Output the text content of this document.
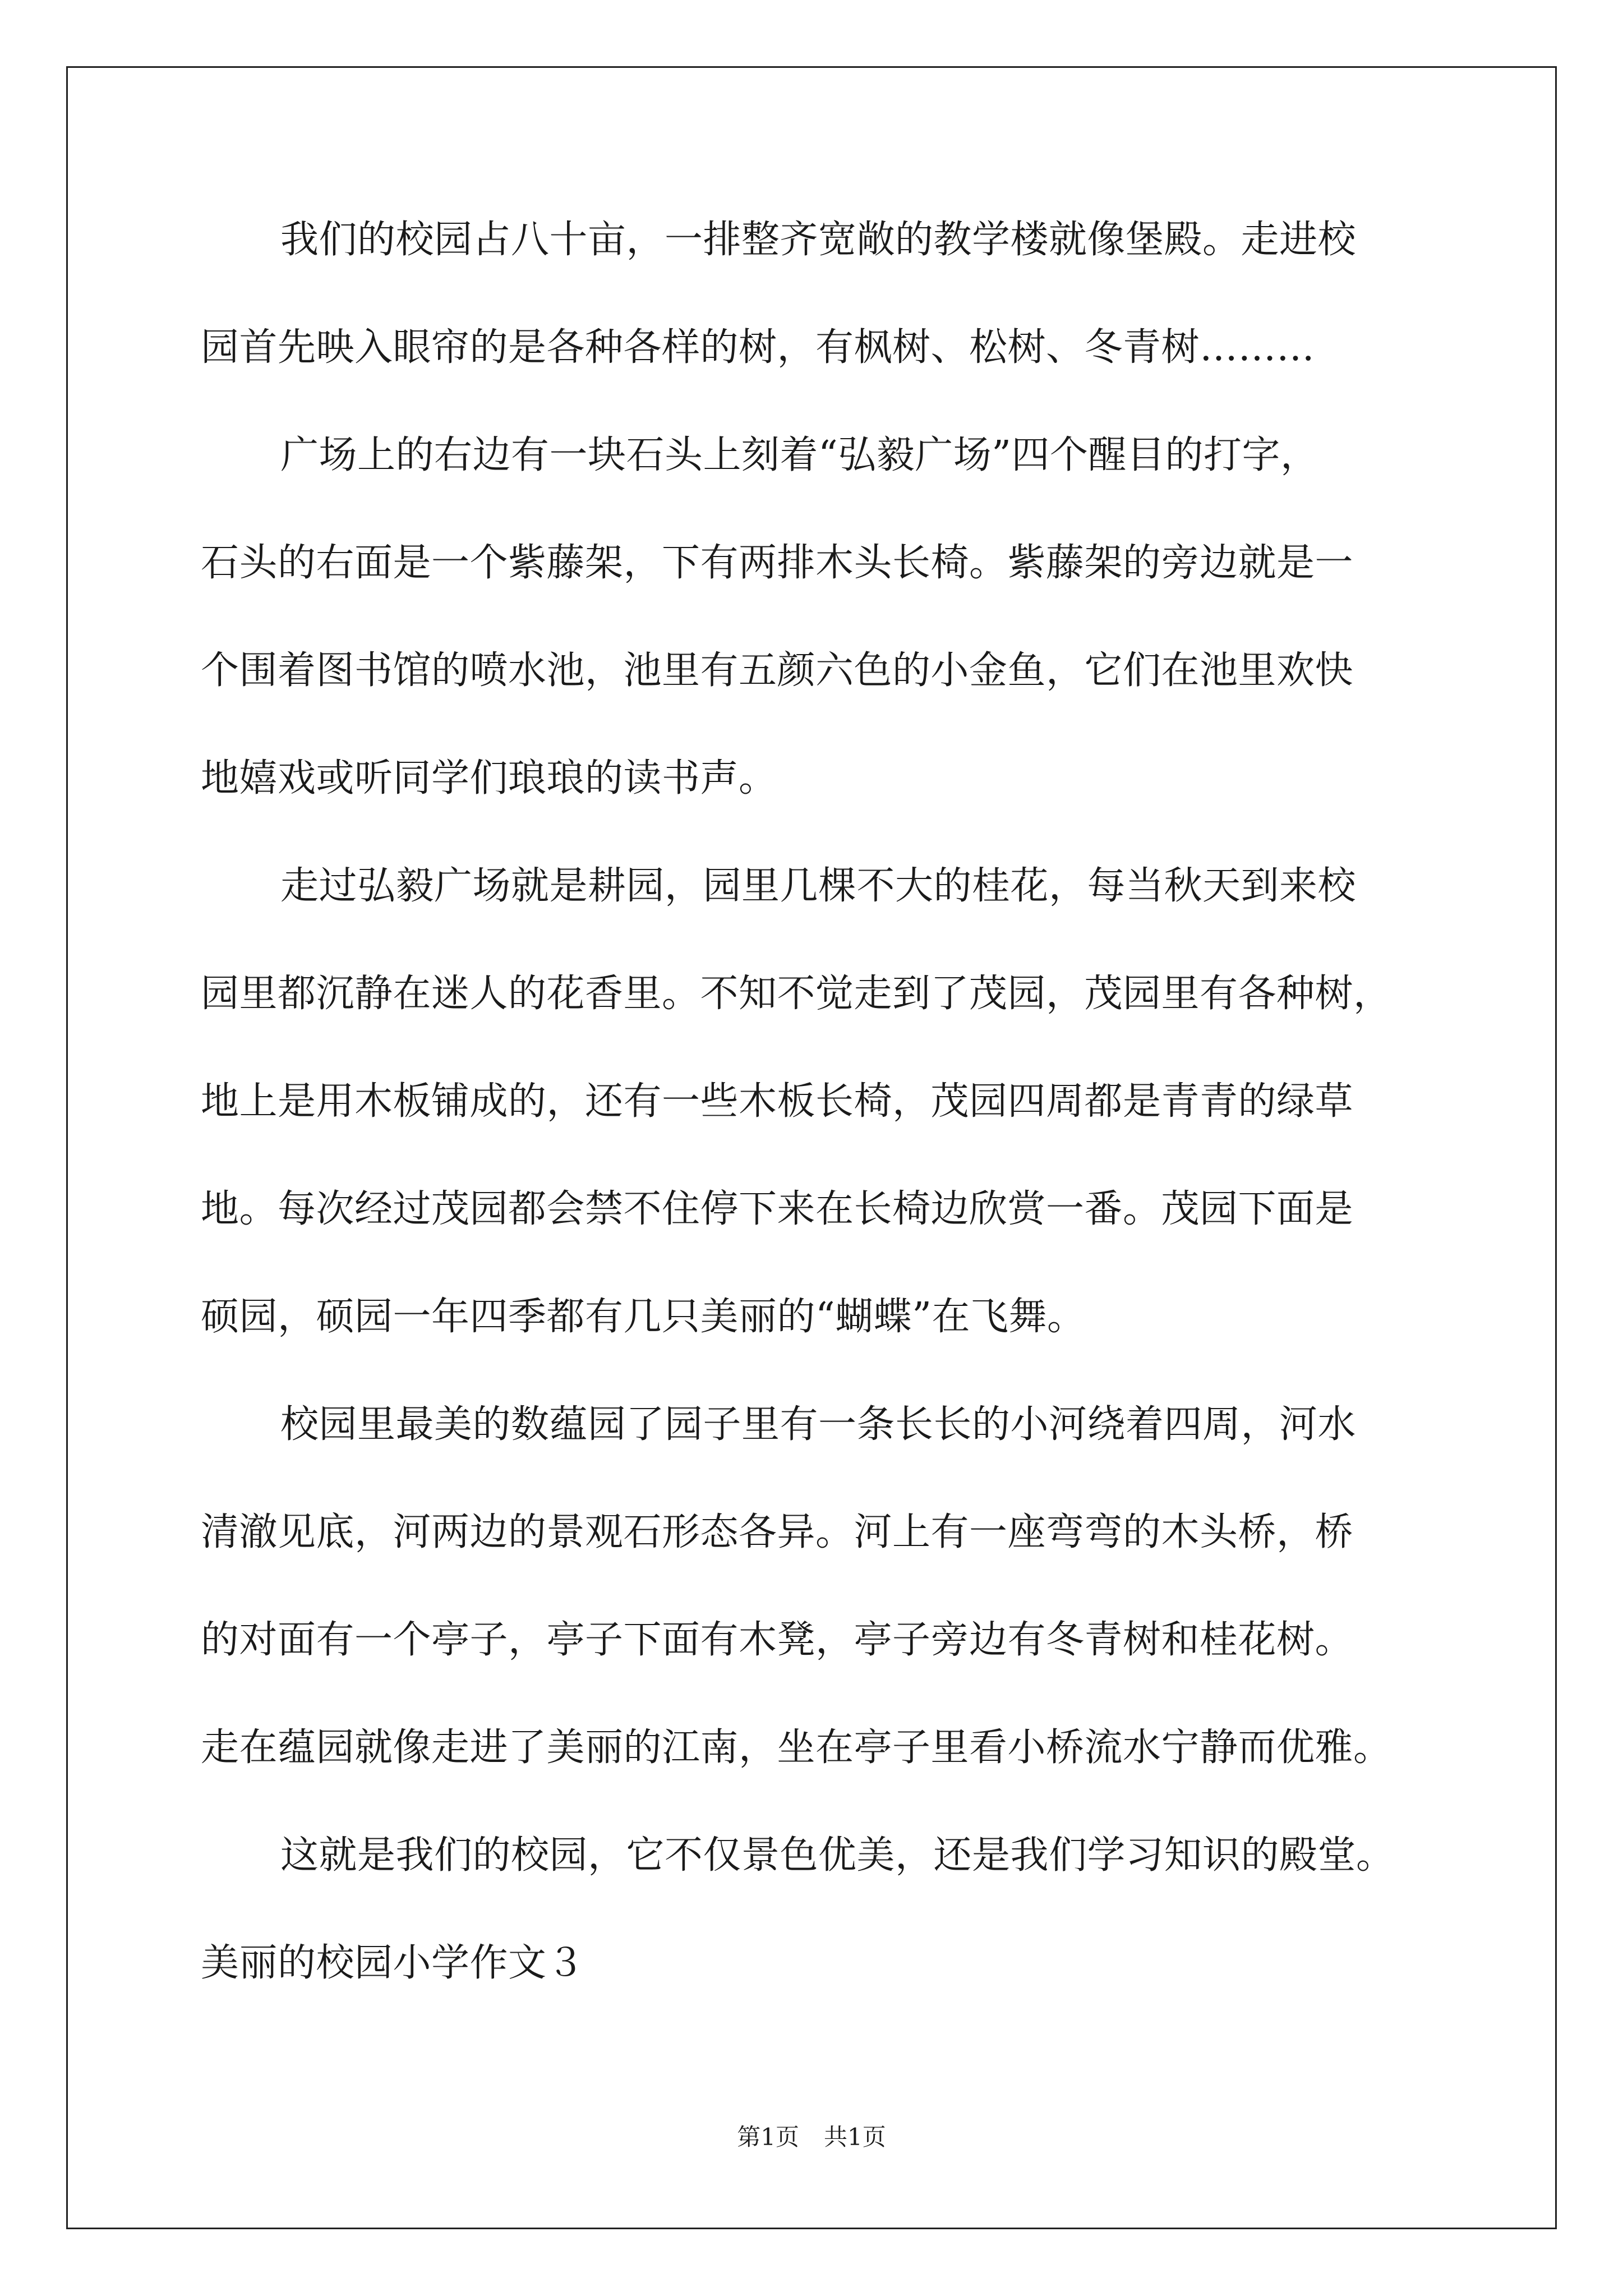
我们的校园占八十亩，一排整齐宽敞的教学楼就像堡殿。走进校
园首先映入眼帘的是各种各样的树，有枫树、松树、冬青树………
广场上的右边有一块石头上刻着“弘毅广场”四个醒目的打字，
石头的右面是一个紫藤架，下有两排木头长椅。紫藤架的旁边就是一
个围着图书馆的喷水池，池里有五颜六色的小金鱼，它们在池里欢快
地嬉戏或听同学们琅琅的读书声。
走过弘毅广场就是耕园，园里几棵不大的桂花，每当秋天到来校
园里都沉静在迷人的花香里。不知不觉走到了茂园，茂园里有各种树，
地上是用木板铺成的，还有一些木板长椅，茂园四周都是青青的绿草
地。每次经过茂园都会禁不住停下来在长椅边欣赏一番。茂园下面是
硕园，硕园一年四季都有几只美丽的“蝴蝶”在飞舞。
校园里最美的数蕴园了园子里有一条长长的小河绕着四周，河水
清澈见底，河两边的景观石形态各异。河上有一座弯弯的木头桥，桥
的对面有一个亭子，亭子下面有木凳，亭子旁边有冬青树和桂花树。
走在蕴园就像走进了美丽的江南，坐在亭子里看小桥流水宁静而优雅。
这就是我们的校园，它不仅景色优美，还是我们学习知识的殿堂。
美丽的校园小学作文３
第1页 共1页
